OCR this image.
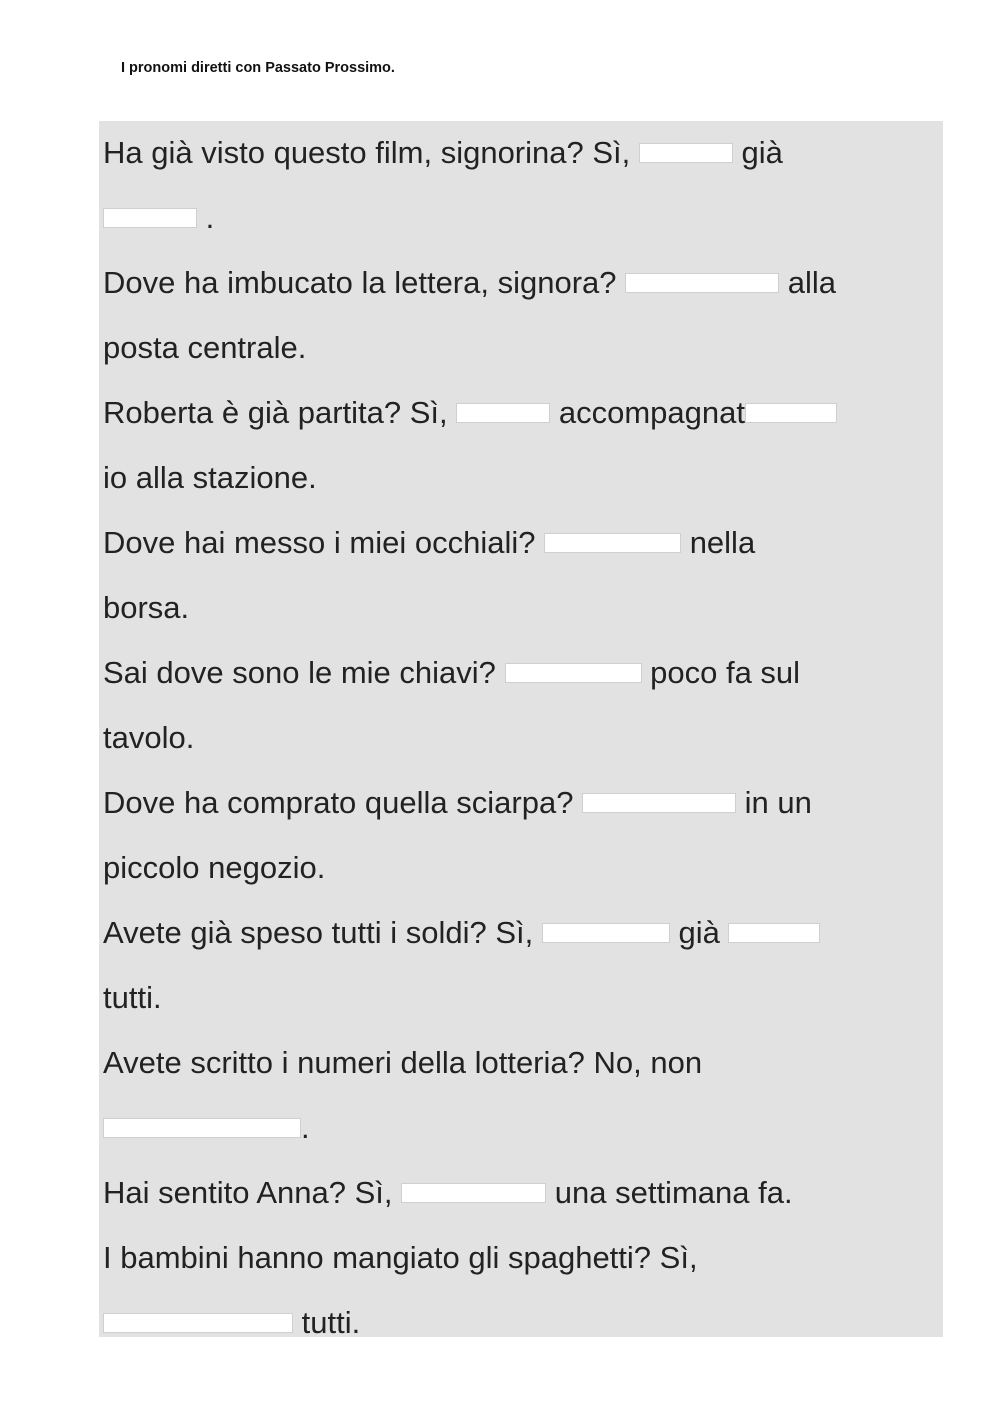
I pronomi diretti con Passato Prossimo.
Ha già visto questo film, signorina? Sì,	già
.
Dove ha imbucato la lettera, signora?	alla
posta centrale.
Roberta è già partita? Sì,	accompagnat
io alla stazione.
Dove hai messo i miei occhiali?	nella
borsa.
Sai dove sono le mie chiavi?	poco fa sul
tavolo.
Dove ha comprato quella sciarpa?	in un
piccolo negozio.
Avete già speso tutti i soldi? Sì,	già
tutti.
Avete scritto i numeri della lotteria? No, non
.
Hai sentito Anna? Sì,	una settimana fa.
I bambini hanno mangiato gli spaghetti? Sì,
tutti.
